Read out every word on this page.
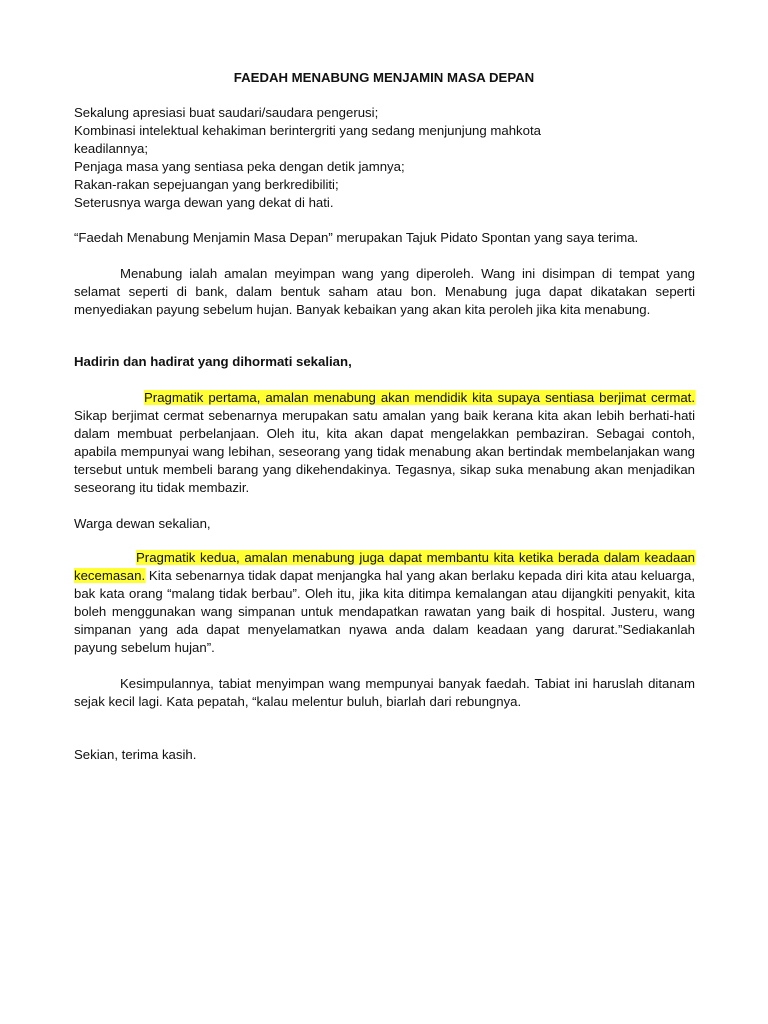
FAEDAH MENABUNG MENJAMIN MASA DEPAN
Sekalung apresiasi buat saudari/saudara pengerusi;
Kombinasi intelektual kehakiman berintergriti yang sedang menjunjung mahkota
keadilannya;
Penjaga masa yang sentiasa peka dengan detik jamnya;
Rakan-rakan sepejuangan yang berkredibiliti;
Seterusnya warga dewan yang dekat di hati.
“Faedah Menabung Menjamin Masa Depan” merupakan Tajuk Pidato Spontan yang saya terima.
Menabung ialah amalan meyimpan wang yang diperoleh. Wang ini disimpan di tempat yang selamat seperti di bank, dalam bentuk saham atau bon. Menabung juga dapat dikatakan seperti menyediakan payung sebelum hujan. Banyak kebaikan yang akan kita peroleh jika kita menabung.
Hadirin dan hadirat yang dihormati sekalian,
Pragmatik pertama, amalan menabung akan mendidik kita supaya sentiasa berjimat cermat. Sikap berjimat cermat sebenarnya merupakan satu amalan yang baik kerana kita akan lebih berhati-hati dalam membuat perbelanjaan. Oleh itu, kita akan dapat mengelakkan pembaziran. Sebagai contoh, apabila mempunyai wang lebihan, seseorang yang tidak menabung akan bertindak membelanjakan wang tersebut untuk membeli barang yang dikehendakinya. Tegasnya, sikap suka menabung akan menjadikan seseorang itu tidak membazir.
Warga dewan sekalian,
Pragmatik kedua, amalan menabung juga dapat membantu kita ketika berada dalam keadaan kecemasan. Kita sebenarnya tidak dapat menjangka hal yang akan berlaku kepada diri kita atau keluarga, bak kata orang “malang tidak berbau”. Oleh itu, jika kita ditimpa kemalangan atau dijangkiti penyakit, kita boleh menggunakan wang simpanan untuk mendapatkan rawatan yang baik di hospital. Justeru, wang simpanan yang ada dapat menyelamatkan nyawa anda dalam keadaan yang darurat.”Sediakanlah payung sebelum hujan”.
Kesimpulannya, tabiat menyimpan wang mempunyai banyak faedah. Tabiat ini haruslah ditanam sejak kecil lagi. Kata pepatah, “kalau melentur buluh, biarlah dari rebungnya.
Sekian, terima kasih.
